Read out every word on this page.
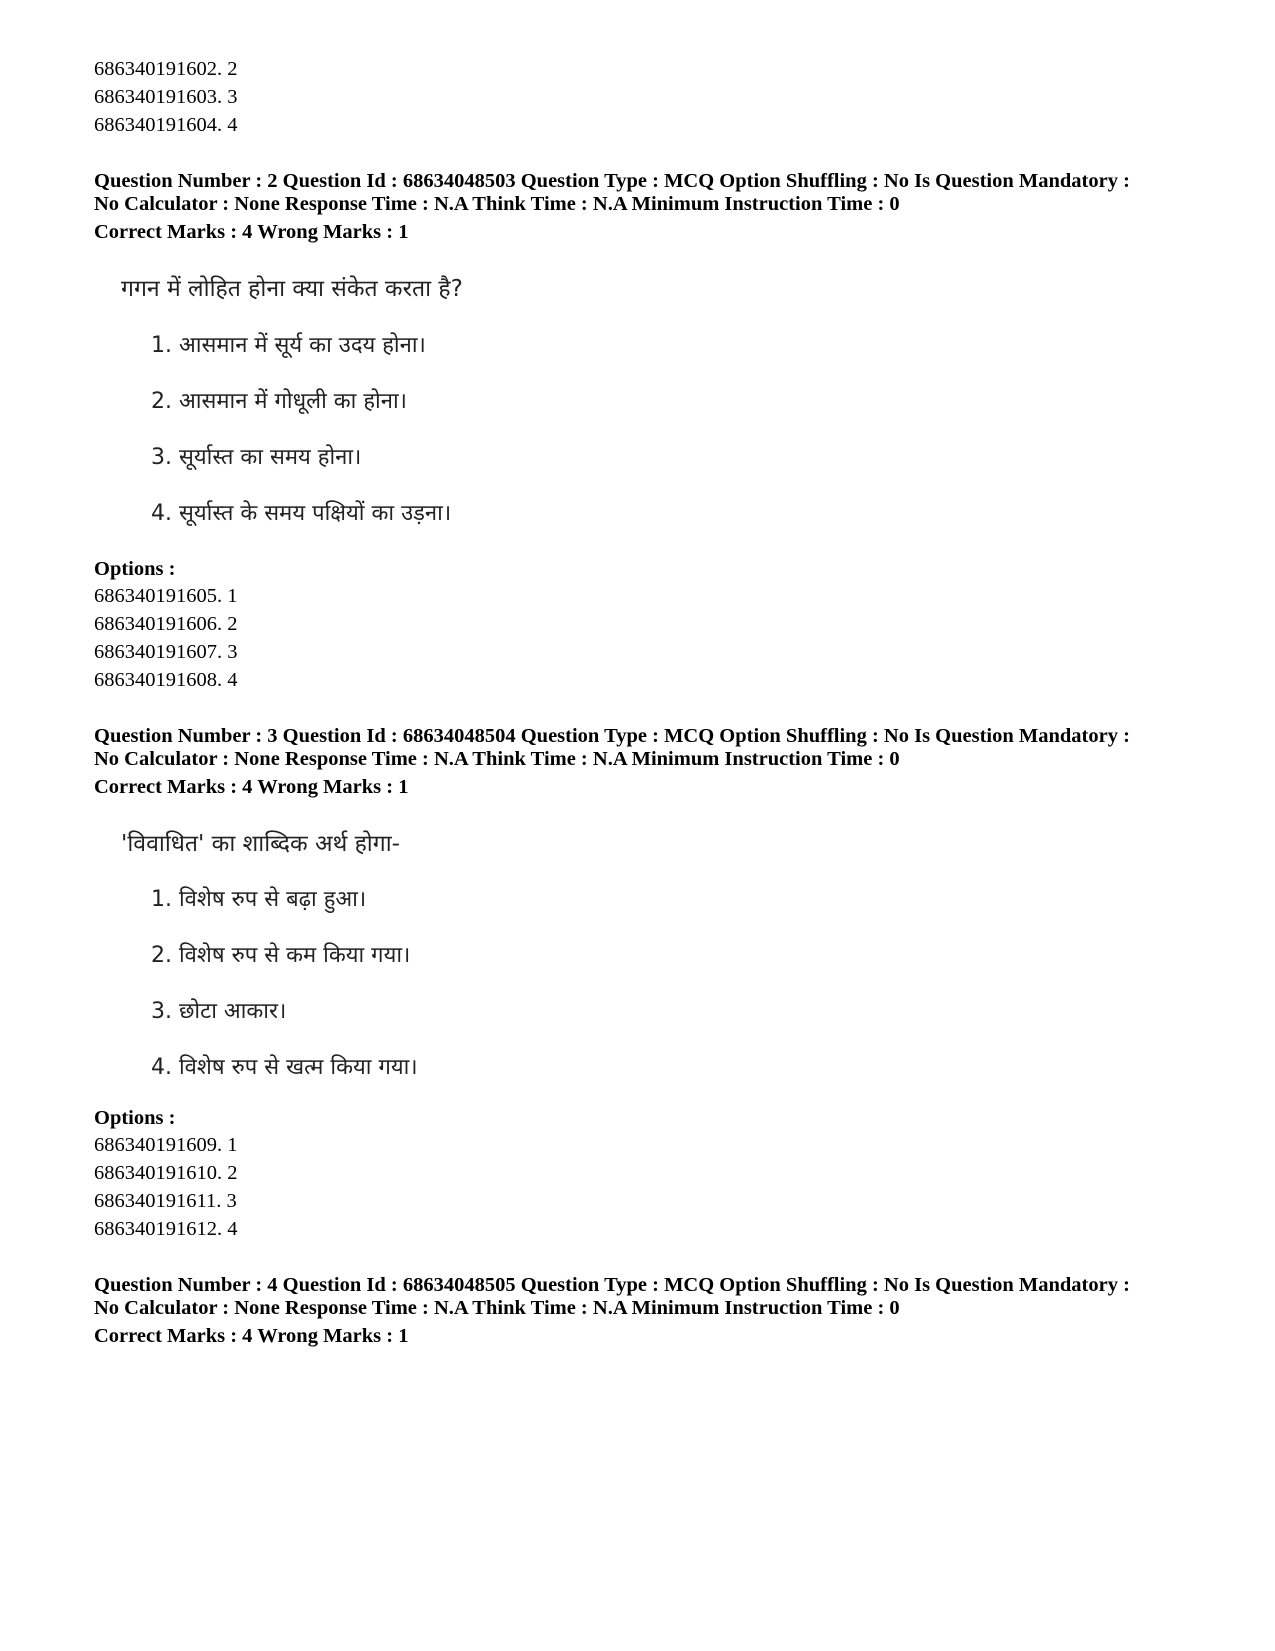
686340191602. 2
686340191603. 3
686340191604. 4
Question Number : 2 Question Id : 68634048503 Question Type : MCQ Option Shuffling : No Is Question Mandatory :
No Calculator : None Response Time : N.A Think Time : N.A Minimum Instruction Time : 0
Correct Marks : 4 Wrong Marks : 1
गगन में लोहित होना क्या संकेत करता है?
1. आसमान में सूर्य का उदय होना।
2. आसमान में गोधूली का होना।
3. सूर्यास्त का समय होना।
4. सूर्यास्त के समय पक्षियों का उड़ना।
Options :
686340191605. 1
686340191606. 2
686340191607. 3
686340191608. 4
Question Number : 3 Question Id : 68634048504 Question Type : MCQ Option Shuffling : No Is Question Mandatory :
No Calculator : None Response Time : N.A Think Time : N.A Minimum Instruction Time : 0
Correct Marks : 4 Wrong Marks : 1
'विवाधित' का शाब्दिक अर्थ होगा-
1. विशेष रुप से बढ़ा हुआ।
2. विशेष रुप से कम किया गया।
3. छोटा आकार।
4. विशेष रुप से खत्म किया गया।
Options :
686340191609. 1
686340191610. 2
686340191611. 3
686340191612. 4
Question Number : 4 Question Id : 68634048505 Question Type : MCQ Option Shuffling : No Is Question Mandatory :
No Calculator : None Response Time : N.A Think Time : N.A Minimum Instruction Time : 0
Correct Marks : 4 Wrong Marks : 1
